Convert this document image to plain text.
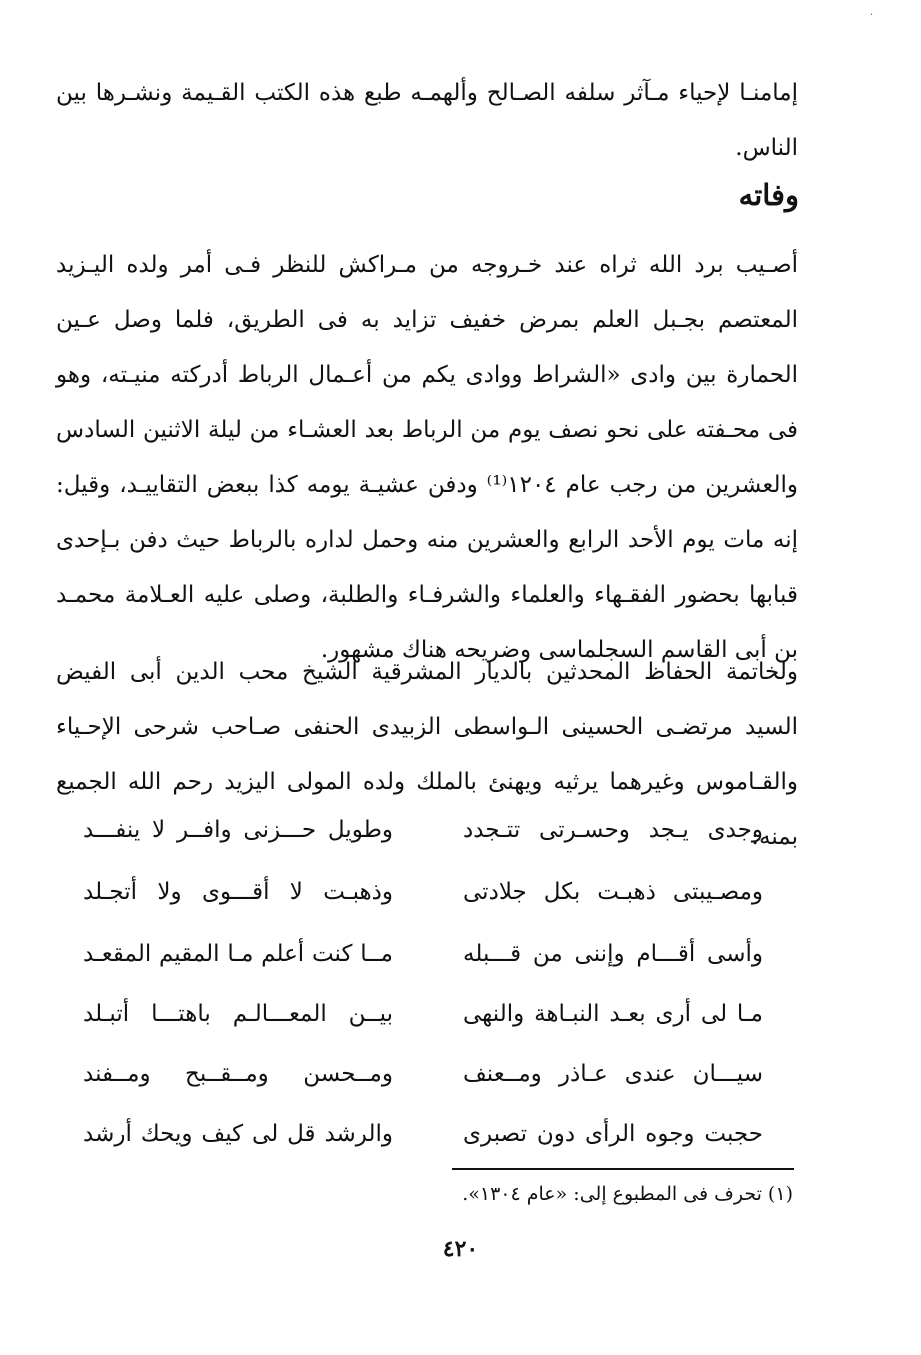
إمامنـا لإحياء مـآثر سلفه الصـالح وألهمـه طبع هذه الكتب القـيمة ونشـرها بين الناس.

وفاته

أصـيب برد الله ثراه عند خـروجه من مـراكش للنظر فـى أمر ولده اليـزيد المعتصم بجـبل العلم بمرض خفيف تزايد به فى الطريق، فلما وصل عـين الحمارة بين وادى «الشراط ووادى يكم من أعـمال الرباط أدركته منيـته، وهو فى محـفته على نحو نصف يوم من الرباط بعد العشـاء من ليلة الاثنين السادس والعشرين من رجب عام ١٢٠٤⁽¹⁾ ودفن عشيـة يومه كذا ببعض التقاييـد، وقيل: إنه مات يوم الأحد الرابع والعشرين منه وحمل لداره بالرباط حيث دفن بـإحدى قبابها بحضور الفقـهاء والعلماء والشرفـاء والطلبة، وصلى عليه العـلامة محمـد بن أبى القاسم السجلماسى وضريحه هناك مشهور.

ولخاتمة الحفاظ المحدثين بالديار المشرقية الشيخ محب الدين أبى الفيض السيد مرتضـى الحسينى الـواسطى الزبيدى الحنفى صـاحب شرحى الإحـياء والقـاموس وغيرهما يرثيه ويهنئ بالملك ولده المولى اليزيد رحم الله الجميع بمنه:

وجدى يـجد وحسـرتى تتـجدد
وطويل حـــزنى وافــر لا ينفـــد
ومصـيبتى ذهبـت بكل جلادتى
وذهبـت لا أقـــوى ولا أتجـلد
وأسى أقـــام وإننى من قـــبله
مــا كنت أعلم مـا المقيم المقعـد
مـا لى أرى بعـد النبـاهة والنهى
بيــن المعـــالـم باهتـــا أتبـلد
سيـــان عندى عـاذر ومــعنف
ومــحسن ومــقــبح ومــفند
حجبت وجوه الرأى دون تصبرى
والرشد قل لى كيف ويحك أرشد
(١) تحرف فى المطبوع إلى: «عام ١٣٠٤».
٤٢٠
·
